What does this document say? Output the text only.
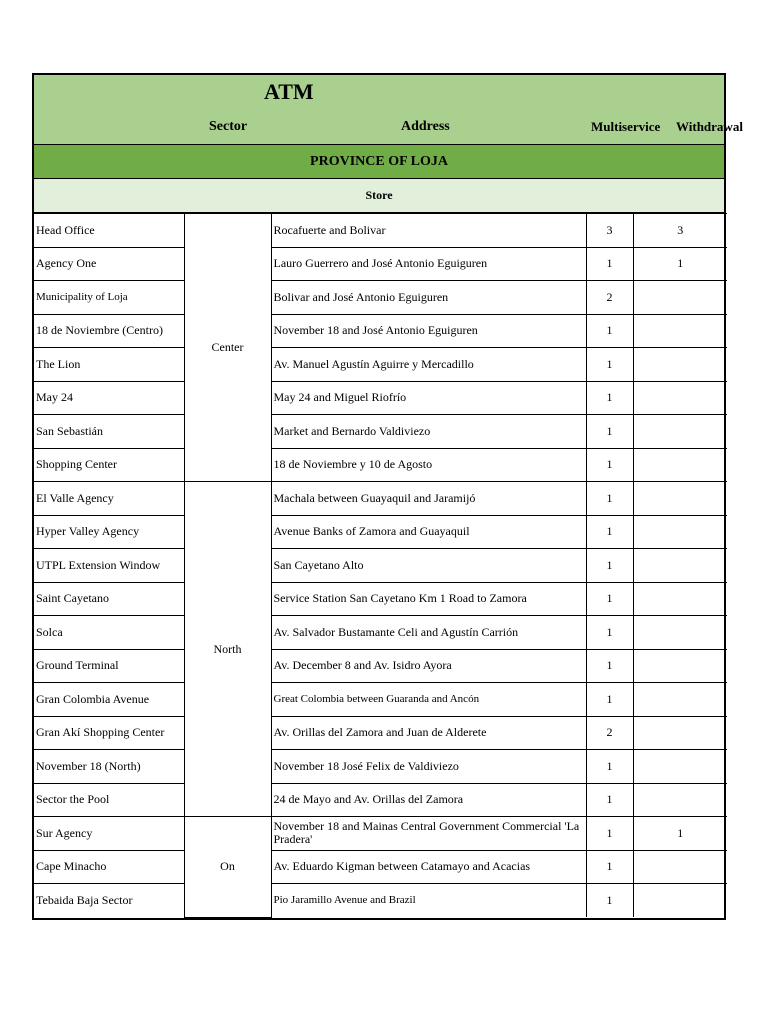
ATM
Sector	Address	Multiservice Withdrawal
PROVINCE OF LOJA
Store
Head Office	Center	Rocafuerte and Bolivar	3	3
Agency One		Lauro Guerrero and José Antonio Eguiguren	1	1
Municipality of Loja		Bolivar and José Antonio Eguiguren	2	
18 de Noviembre (Centro)		November 18 and José Antonio Eguiguren	1	
The Lion		Av. Manuel Agustín Aguirre y Mercadillo	1	
May 24		May 24 and Miguel Riofrío	1	
San Sebastián		Market and Bernardo Valdiviezo	1	
Shopping Center		18 de Noviembre y 10 de Agosto	1	
El Valle Agency	North	Machala between Guayaquil and Jaramijó	1	
Hyper Valley Agency		Avenue Banks of Zamora and Guayaquil	1	
UTPL Extension Window		San Cayetano Alto	1	
Saint Cayetano		Service Station San Cayetano Km 1 Road to Zamora	1	
Solca		Av. Salvador Bustamante Celi and Agustín Carrión	1	
Ground Terminal		Av. December 8 and Av. Isidro Ayora	1	
Gran Colombia Avenue		Great Colombia between Guaranda and Ancón	1	
Gran Akí Shopping Center		Av. Orillas del Zamora and Juan de Alderete	2	
November 18 (North)		November 18 José Felix de Valdiviezo	1	
Sector the Pool		24 de Mayo and Av. Orillas del Zamora	1	
Sur Agency	On	November 18 and Mainas Central Government Commercial 'La Pradera'	1	1
Cape Minacho		Av. Eduardo Kigman between Catamayo and Acacias	1	
Tebaida Baja Sector		Pio Jaramillo Avenue and Brazil	1	
